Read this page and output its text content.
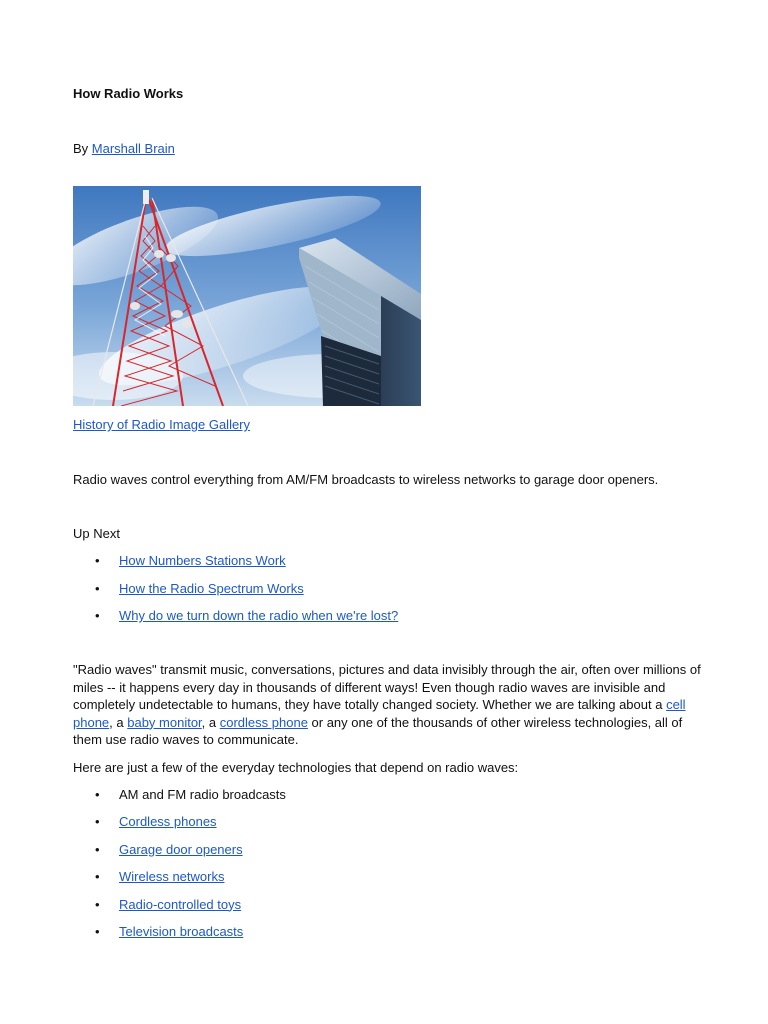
How Radio Works

By Marshall Brain

History of Radio Image Gallery

Radio waves control everything from AM/FM broadcasts to wireless networks to garage door openers.

Up Next

• How Numbers Stations Work
• How the Radio Spectrum Works
• Why do we turn down the radio when we're lost?

"Radio waves" transmit music, conversations, pictures and data invisibly through the air, often over millions of miles -- it happens every day in thousands of different ways! Even though radio waves are invisible and completely undetectable to humans, they have totally changed society. Whether we are talking about a cell phone, a baby monitor, a cordless phone or any one of the thousands of other wireless technologies, all of them use radio waves to communicate.

Here are just a few of the everyday technologies that depend on radio waves:

• AM and FM radio broadcasts
• Cordless phones
• Garage door openers
• Wireless networks
• Radio-controlled toys
• Television broadcasts
